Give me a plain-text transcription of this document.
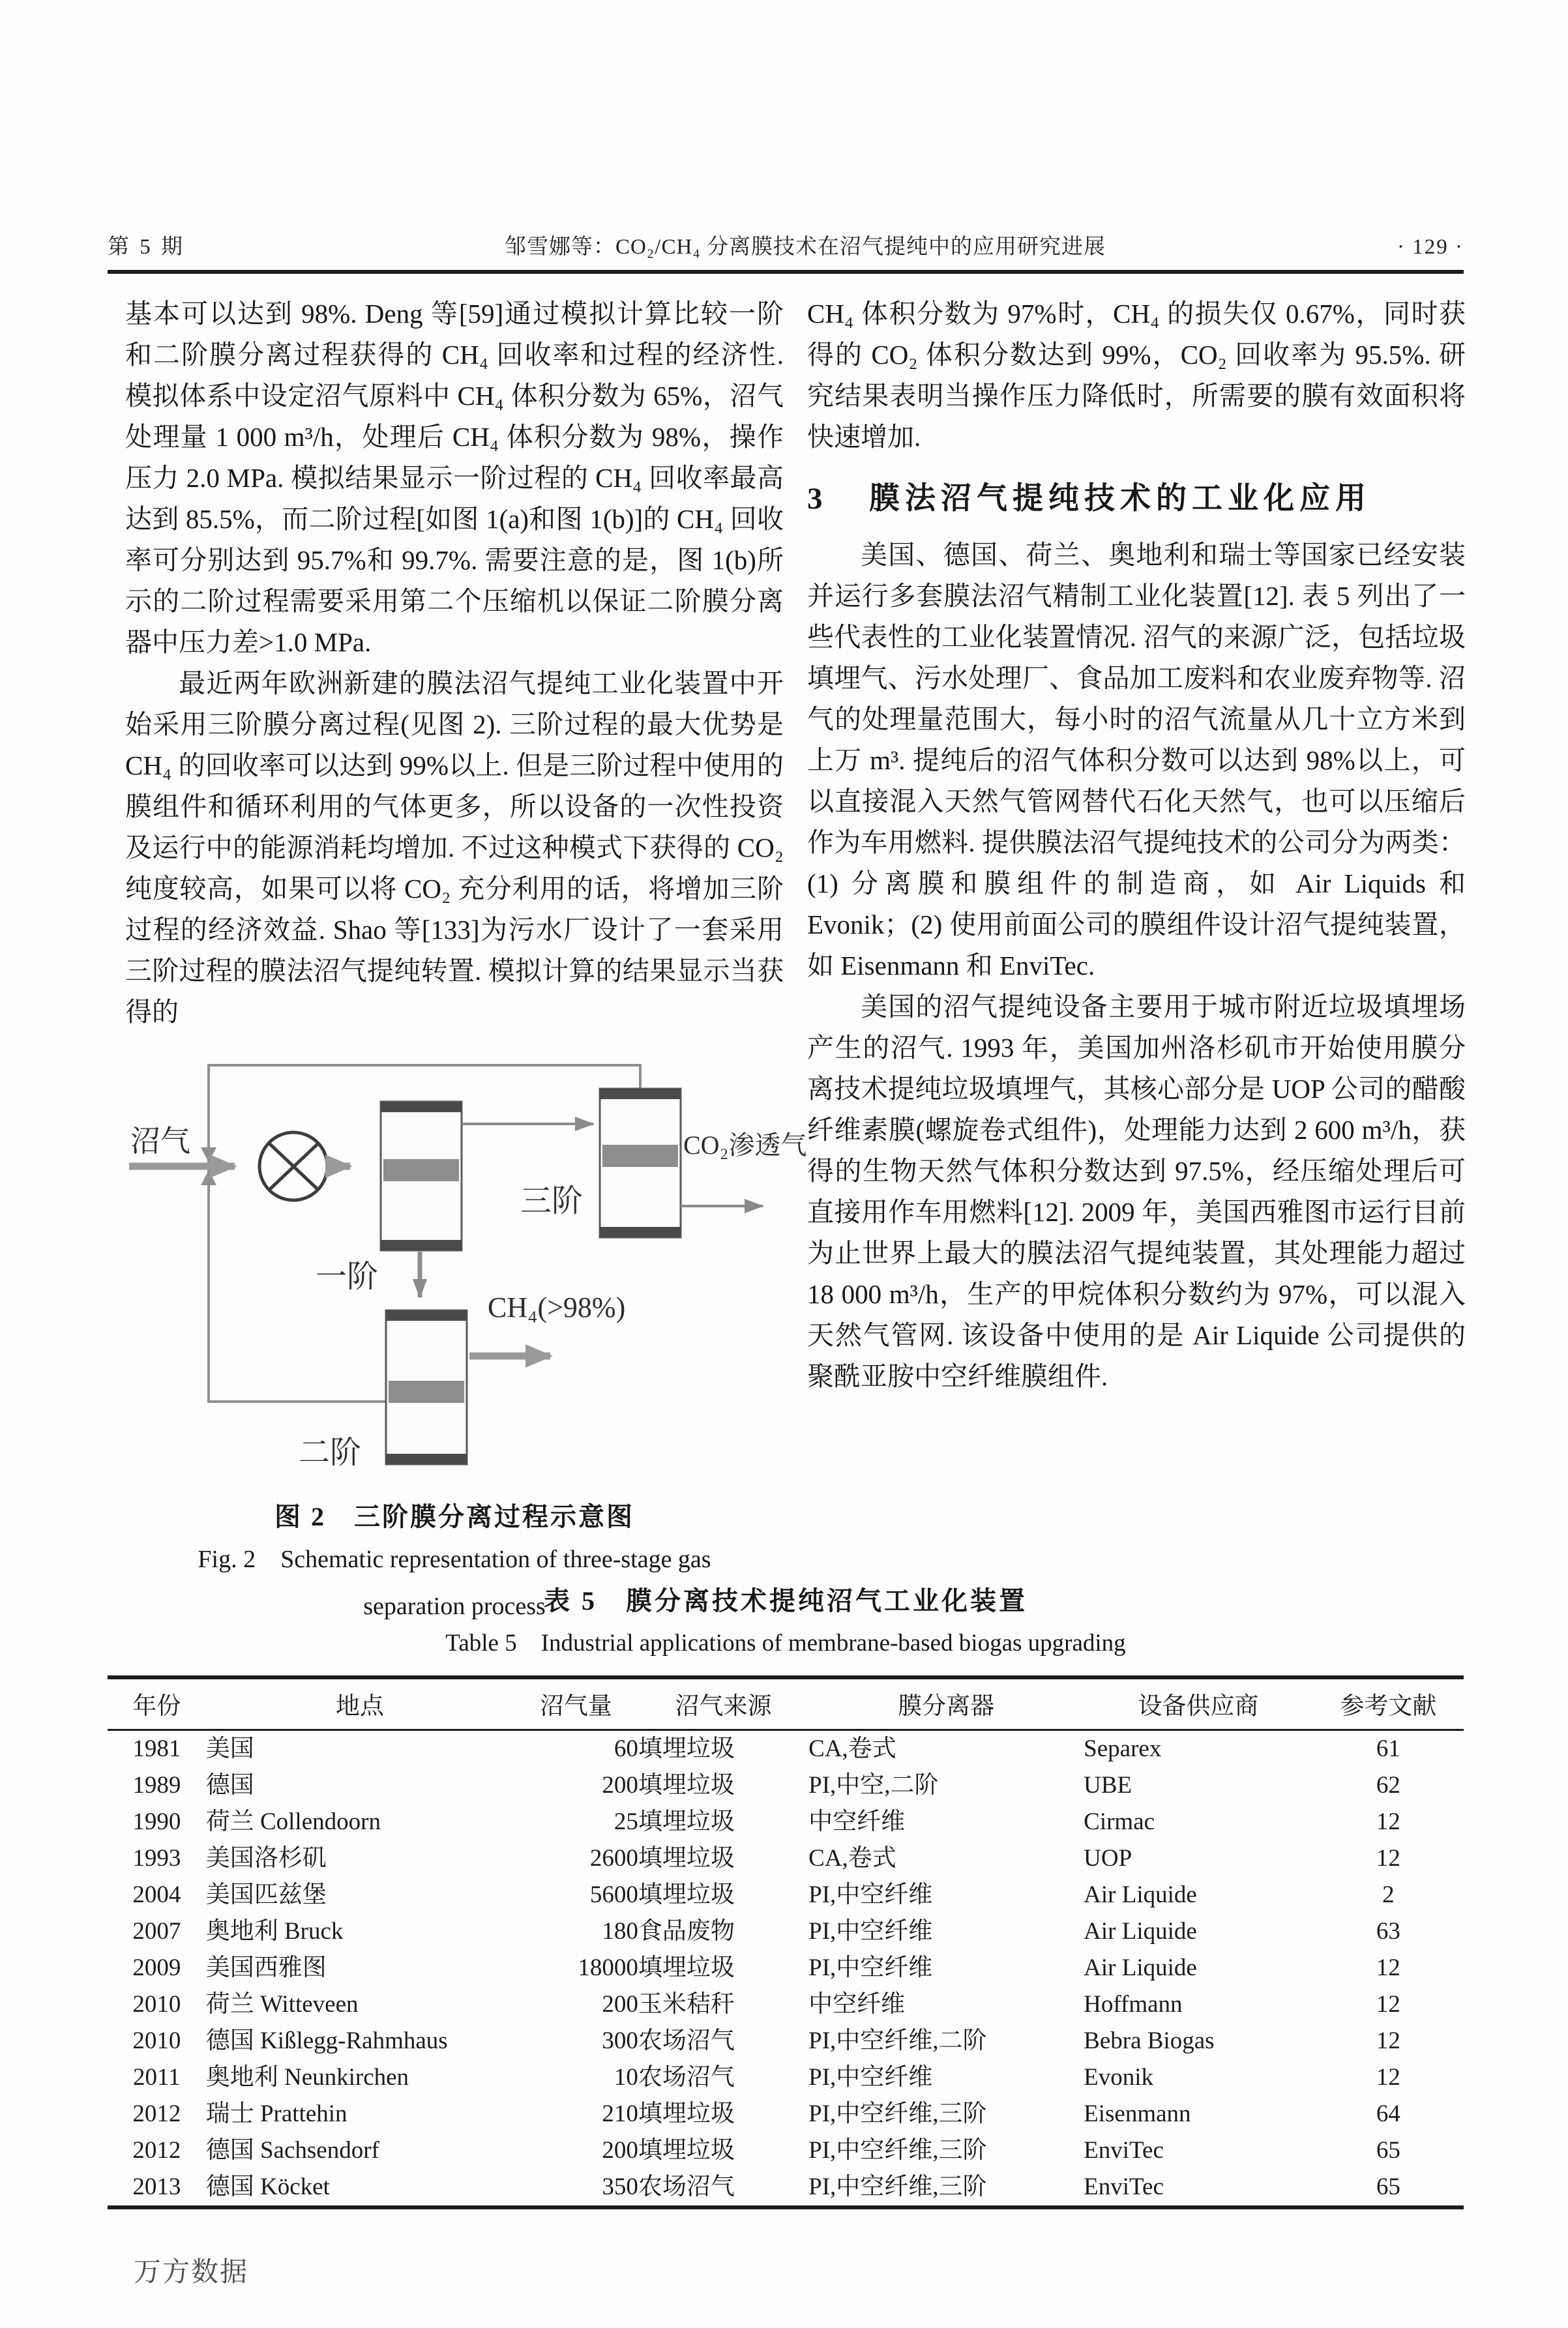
第 5 期	邹雪娜等：CO₂/CH₄ 分离膜技术在沼气提纯中的应用研究进展	· 129 ·

基本可以达到 98%. Deng 等[59]通过模拟计算比较一阶和二阶膜分离过程获得的 CH₄ 回收率和过程的经济性. 模拟体系中设定沼气原料中 CH₄ 体积分数为 65%，沼气处理量 1 000 m³/h，处理后 CH₄ 体积分数为 98%，操作压力 2.0 MPa. 模拟结果显示一阶过程的 CH₄ 回收率最高达到 85.5%，而二阶过程[如图 1(a)和图 1(b)]的 CH₄ 回收率可分别达到 95.7%和 99.7%. 需要注意的是，图 1(b)所示的二阶过程需要采用第二个压缩机以保证二阶膜分离器中压力差>1.0 MPa.

最近两年欧洲新建的膜法沼气提纯工业化装置中开始采用三阶膜分离过程(见图 2). 三阶过程的最大优势是 CH₄ 的回收率可以达到 99%以上. 但是三阶过程中使用的膜组件和循环利用的气体更多，所以设备的一次性投资及运行中的能源消耗均增加. 不过这种模式下获得的 CO₂ 纯度较高，如果可以将 CO₂ 充分利用的话，将增加三阶过程的经济效益. Shao 等[133]为污水厂设计了一套采用三阶过程的膜法沼气提纯转置. 模拟计算的结果显示当获得的

沼气
一阶
三阶
CO₂渗透气
CH₄(>98%)
二阶
图 2　三阶膜分离过程示意图
Fig. 2　Schematic representation of three-stage gas
separation process

CH₄ 体积分数为 97%时，CH₄ 的损失仅 0.67%，同时获得的 CO₂ 体积分数达到 99%，CO₂ 回收率为 95.5%. 研究结果表明当操作压力降低时，所需要的膜有效面积将快速增加.

3	膜法沼气提纯技术的工业化应用

美国、德国、荷兰、奥地利和瑞士等国家已经安装并运行多套膜法沼气精制工业化装置[12]. 表 5 列出了一些代表性的工业化装置情况. 沼气的来源广泛，包括垃圾填埋气、污水处理厂、食品加工废料和农业废弃物等. 沼气的处理量范围大，每小时的沼气流量从几十立方米到上万 m³. 提纯后的沼气体积分数可以达到 98%以上，可以直接混入天然气管网替代石化天然气，也可以压缩后作为车用燃料. 提供膜法沼气提纯技术的公司分为两类：(1) 分离膜和膜组件的制造商，如 Air Liquids 和 Evonik；(2) 使用前面公司的膜组件设计沼气提纯装置，如 Eisenmann 和 EnviTec.

美国的沼气提纯设备主要用于城市附近垃圾填埋场产生的沼气. 1993 年，美国加州洛杉矶市开始使用膜分离技术提纯垃圾填埋气，其核心部分是 UOP 公司的醋酸纤维素膜(螺旋卷式组件)，处理能力达到 2 600 m³/h，获得的生物天然气体积分数达到 97.5%，经压缩处理后可直接用作车用燃料[12]. 2009 年，美国西雅图市运行目前为止世界上最大的膜法沼气提纯装置，其处理能力超过 18 000 m³/h，生产的甲烷体积分数约为 97%，可以混入天然气管网. 该设备中使用的是 Air Liquide 公司提供的聚酰亚胺中空纤维膜组件.

表 5　膜分离技术提纯沼气工业化装置
Table 5　Industrial applications of membrane-based biogas upgrading
年份	地点	沼气量	沼气来源	膜分离器	设备供应商	参考文献
1981	美国	60	填埋垃圾	CA,卷式	Separex	61
1989	德国	200	填埋垃圾	PI,中空,二阶	UBE	62
1990	荷兰 Collendoorn	25	填埋垃圾	中空纤维	Cirmac	12
1993	美国洛杉矶	2600	填埋垃圾	CA,卷式	UOP	12
2004	美国匹兹堡	5600	填埋垃圾	PI,中空纤维	Air Liquide	2
2007	奥地利 Bruck	180	食品废物	PI,中空纤维	Air Liquide	63
2009	美国西雅图	18000	填埋垃圾	PI,中空纤维	Air Liquide	12
2010	荷兰 Witteveen	200	玉米秸秆	中空纤维	Hoffmann	12
2010	德国 Kißlegg-Rahmhaus	300	农场沼气	PI,中空纤维,二阶	Bebra Biogas	12
2011	奥地利 Neunkirchen	10	农场沼气	PI,中空纤维	Evonik	12
2012	瑞士 Prattehin	210	填埋垃圾	PI,中空纤维,三阶	Eisenmann	64
2012	德国 Sachsendorf	200	填埋垃圾	PI,中空纤维,三阶	EnviTec	65
2013	德国 Köcket	350	农场沼气	PI,中空纤维,三阶	EnviTec	65
万方数据
